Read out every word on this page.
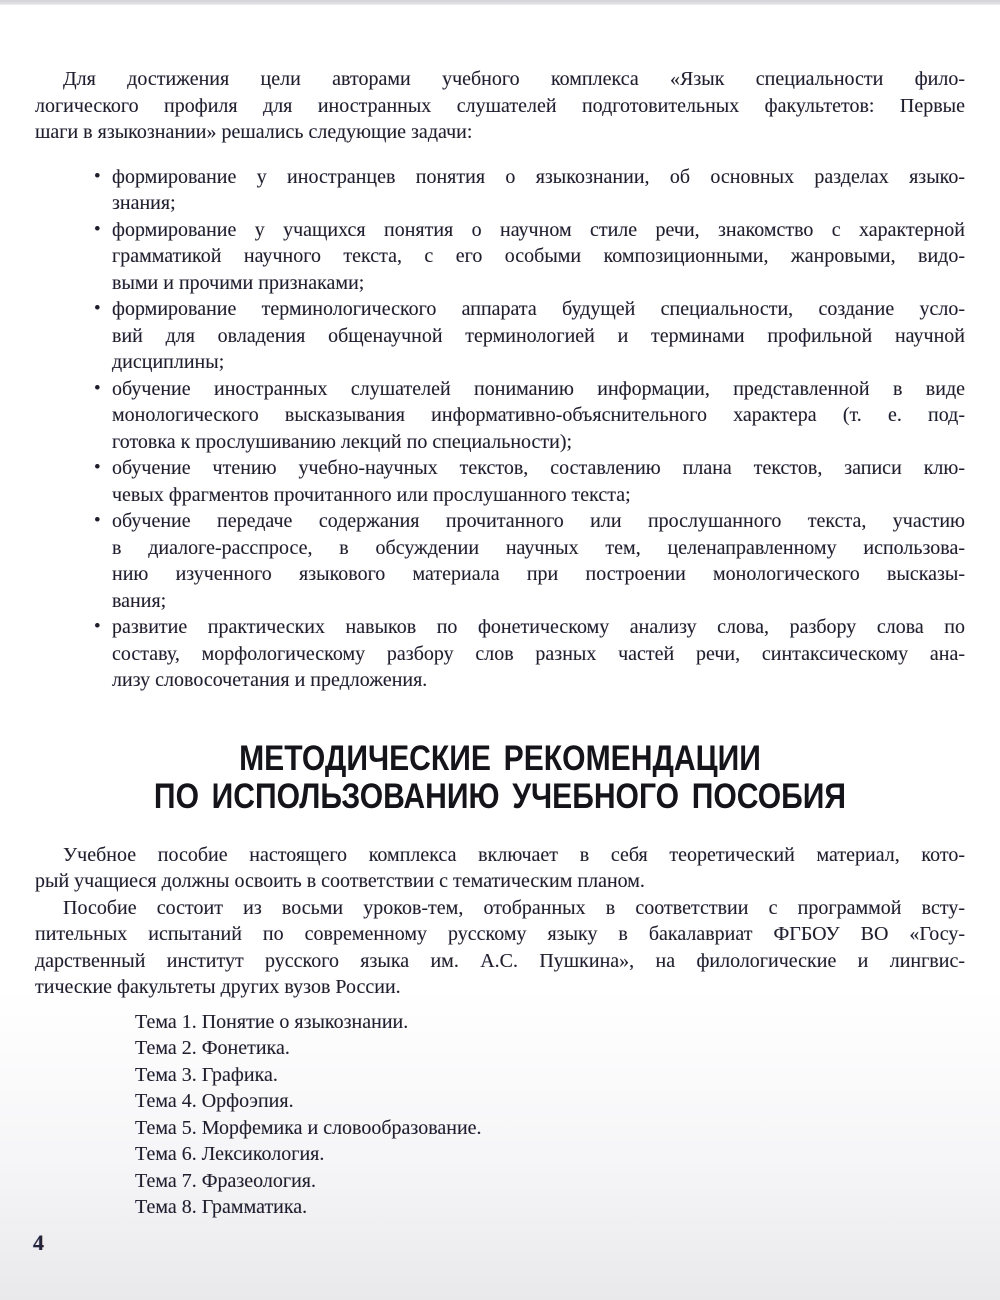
Для достижения цели авторами учебного комплекса «Язык специальности фило-
логического профиля для иностранных слушателей подготовительных факультетов: Первые
шаги в языкознании» решались следующие задачи:

• формирование у иностранцев понятия о языкознании, об основных разделах языко-
знания;
• формирование у учащихся понятия о научном стиле речи, знакомство с характерной
грамматикой научного текста, с его особыми композиционными, жанровыми, видо-
выми и прочими признаками;
• формирование терминологического аппарата будущей специальности, создание усло-
вий для овладения общенаучной терминологией и терминами профильной научной
дисциплины;
• обучение иностранных слушателей пониманию информации, представленной в виде
монологического высказывания информативно-объяснительного характера (т. е. под-
готовка к прослушиванию лекций по специальности);
• обучение чтению учебно-научных текстов, составлению плана текстов, записи клю-
чевых фрагментов прочитанного или прослушанного текста;
• обучение передаче содержания прочитанного или прослушанного текста, участию
в диалоге-расспросе, в обсуждении научных тем, целенаправленному использова-
нию изученного языкового материала при построении монологического высказы-
вания;
• развитие практических навыков по фонетическому анализу слова, разбору слова по
составу, морфологическому разбору слов разных частей речи, синтаксическому ана-
лизу словосочетания и предложения.
МЕТОДИЧЕСКИЕ РЕКОМЕНДАЦИИ
ПО ИСПОЛЬЗОВАНИЮ УЧЕБНОГО ПОСОБИЯ

Учебное пособие настоящего комплекса включает в себя теоретический материал, кото-
рый учащиеся должны освоить в соответствии с тематическим планом.

Пособие состоит из восьми уроков-тем, отобранных в соответствии с программой всту-
пительных испытаний по современному русскому языку в бакалавриат ФГБОУ ВО «Госу-
дарственный институт русского языка им. А.С. Пушкина», на филологические и лингвис-
тические факультеты других вузов России.

Тема 1. Понятие о языкознании.
Тема 2. Фонетика.
Тема 3. Графика.
Тема 4. Орфоэпия.
Тема 5. Морфемика и словообразование.
Тема 6. Лексикология.
Тема 7. Фразеология.
Тема 8. Грамматика.
4
